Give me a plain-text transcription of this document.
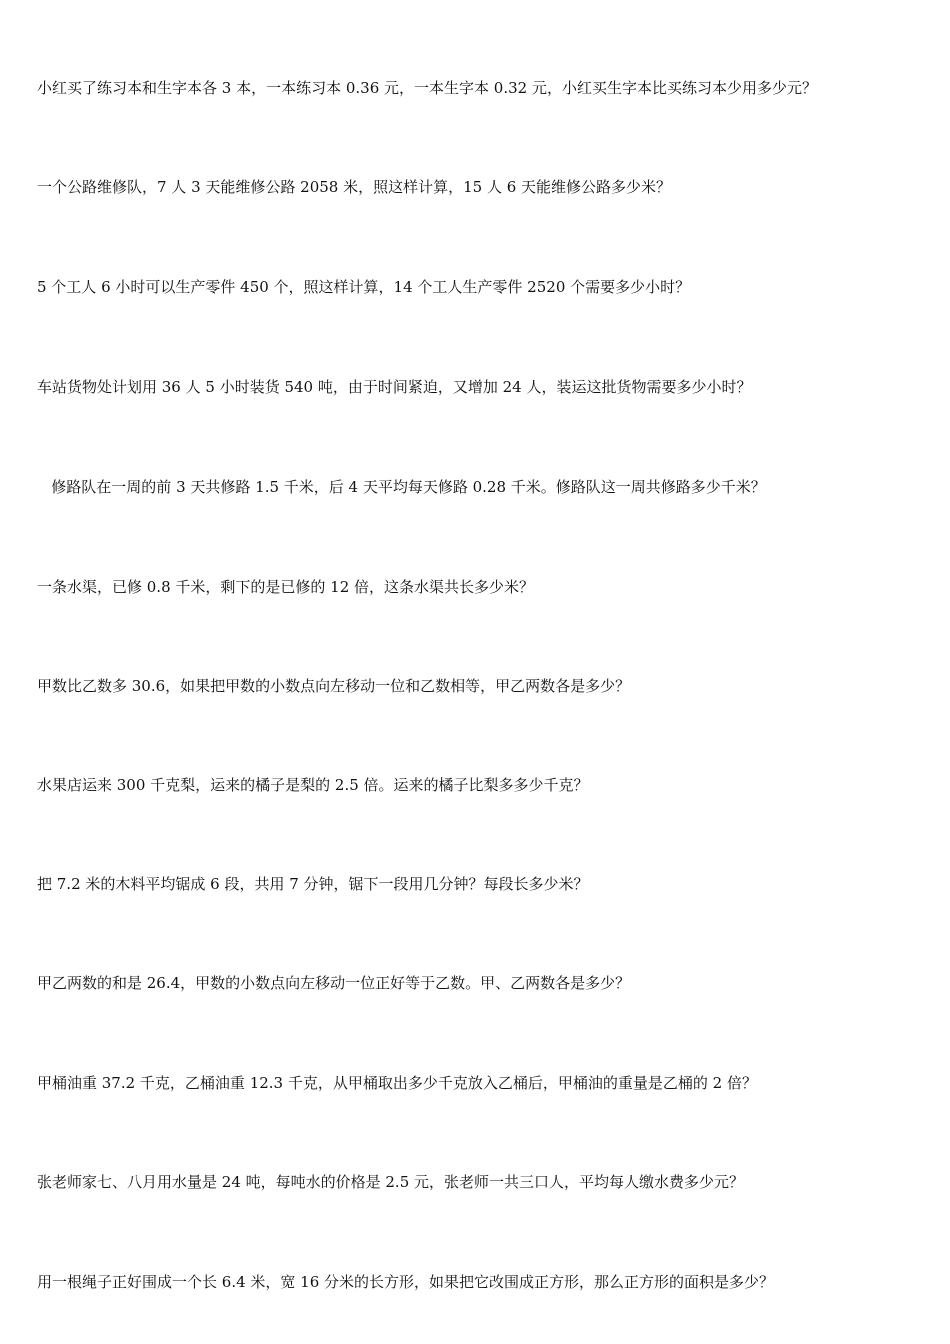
小红买了练习本和生字本各 3 本，一本练习本 0.36 元，一本生字本 0.32 元，小红买生字本比买练习本少用多少元？
一个公路维修队，7 人 3 天能维修公路 2058 米，照这样计算，15 人 6 天能维修公路多少米？
5 个工人 6 小时可以生产零件 450 个，照这样计算，14 个工人生产零件 2520 个需要多少小时？
车站货物处计划用 36 人 5 小时装货 540 吨，由于时间紧迫，又增加 24 人，装运这批货物需要多少小时？
修路队在一周的前 3 天共修路 1.5 千米，后 4 天平均每天修路 0.28 千米。修路队这一周共修路多少千米？
一条水渠，已修 0.8 千米，剩下的是已修的 12 倍，这条水渠共长多少米？
甲数比乙数多 30.6，如果把甲数的小数点向左移动一位和乙数相等，甲乙两数各是多少？
水果店运来 300 千克梨，运来的橘子是梨的 2.5 倍。运来的橘子比梨多多少千克？
把 7.2 米的木料平均锯成 6 段，共用 7 分钟，锯下一段用几分钟？每段长多少米？
甲乙两数的和是 26.4，甲数的小数点向左移动一位正好等于乙数。甲、乙两数各是多少？
甲桶油重 37.2 千克，乙桶油重 12.3 千克，从甲桶取出多少千克放入乙桶后，甲桶油的重量是乙桶的 2 倍？
张老师家七、八月用水量是 24 吨，每吨水的价格是 2.5 元，张老师一共三口人，平均每人缴水费多少元？
用一根绳子正好围成一个长 6.4 米，宽 16 分米的长方形，如果把它改围成正方形，那么正方形的面积是多少？
